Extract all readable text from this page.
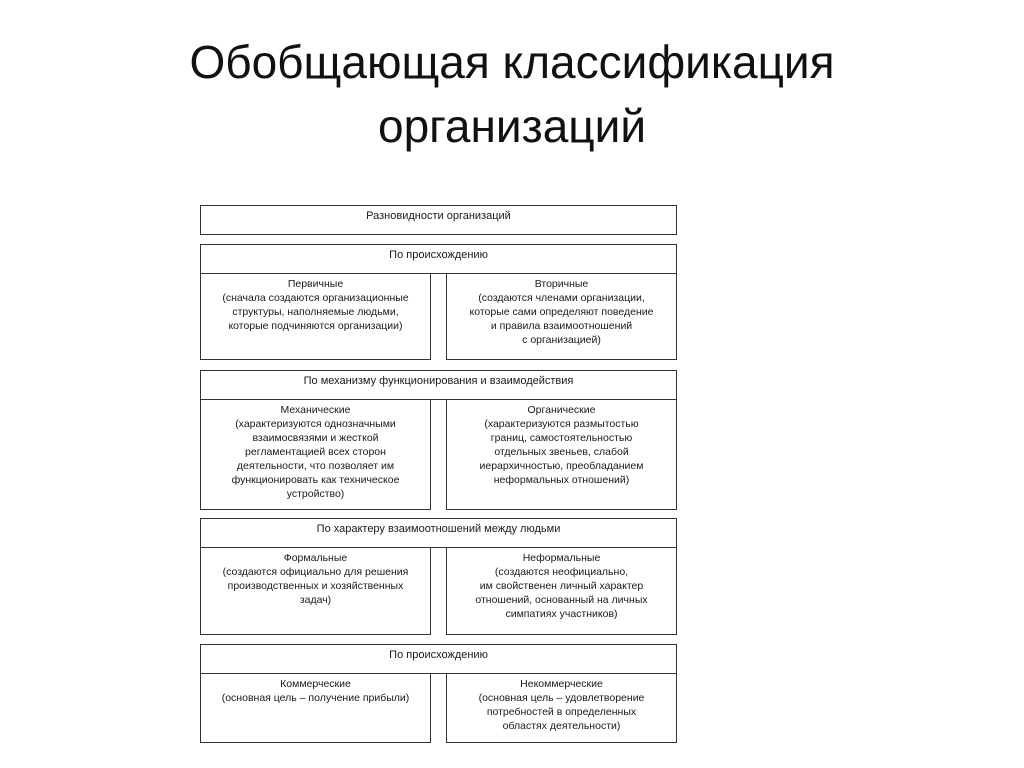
Обобщающая классификация
организаций
Разновидности организаций
По происхождению
Первичные
(сначала создаются организационные
структуры, наполняемые людьми,
которые подчиняются организации)
Вторичные
(создаются членами организации,
которые сами определяют поведение
и правила взаимоотношений
с организацией)
По механизму функционирования и взаимодействия
Механические
(характеризуются однозначными
взаимосвязями и жесткой
регламентацией всех сторон
деятельности, что позволяет им
функционировать как техническое
устройство)
Органические
(характеризуются размытостью
границ, самостоятельностью
отдельных звеньев, слабой
иерархичностью, преобладанием
неформальных отношений)
По характеру взаимоотношений между людьми
Формальные
(создаются официально для решения
производственных и хозяйственных
задач)
Неформальные
(создаются неофициально,
им свойственен личный характер
отношений, основанный на личных
симпатиях участников)
По происхождению
Коммерческие
(основная цель – получение прибыли)
Некоммерческие
(основная цель – удовлетворение
потребностей в определенных
областях деятельности)
